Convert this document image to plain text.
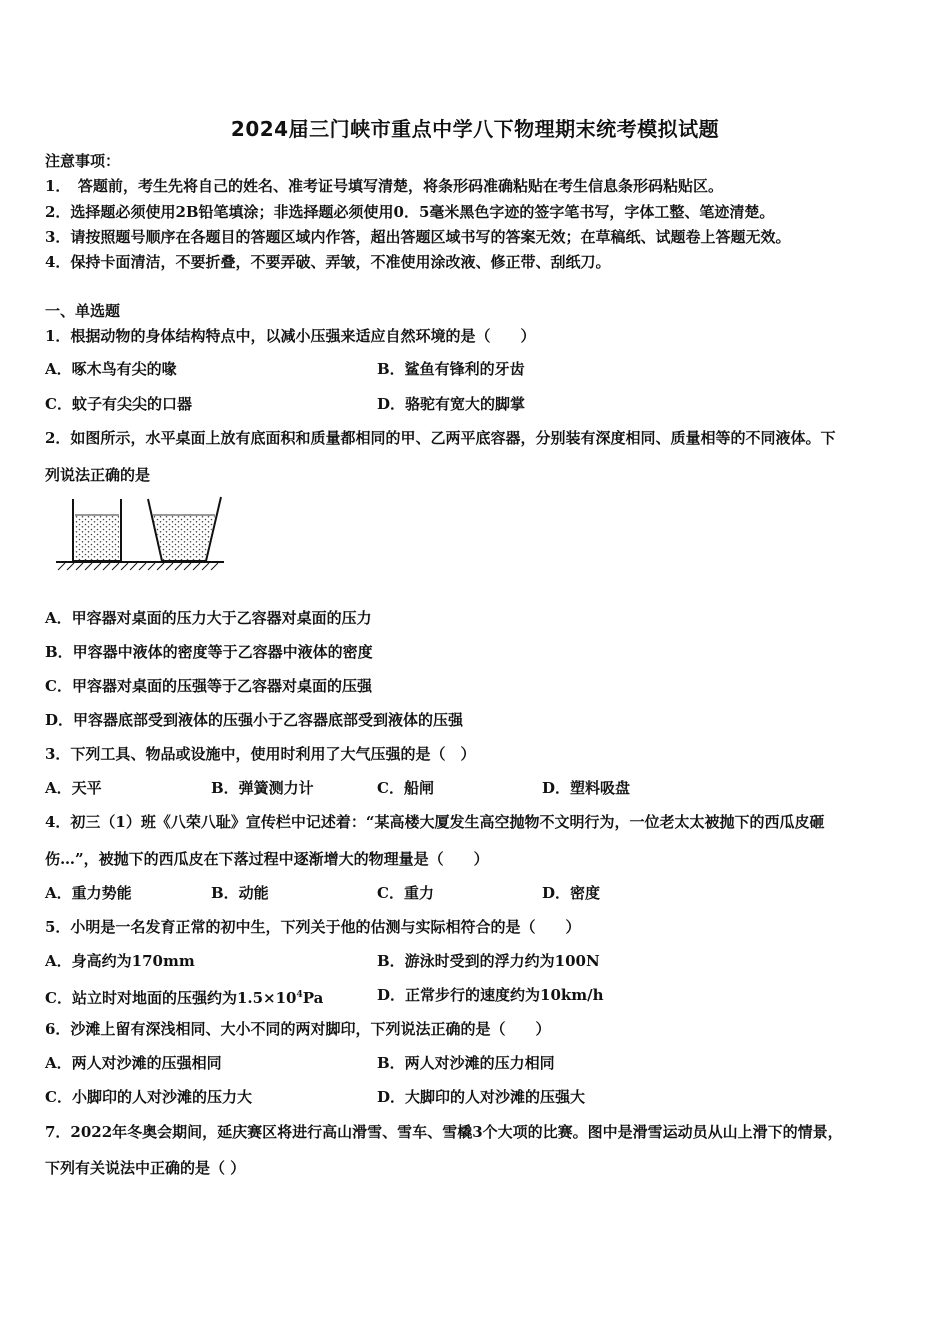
2024届三门峡市重点中学八下物理期末统考模拟试题
注意事项：
1．　答题前，考生先将自己的姓名、准考证号填写清楚，将条形码准确粘贴在考生信息条形码粘贴区。
2．选择题必须使用2B铅笔填涂；非选择题必须使用0．5毫米黑色字迹的签字笔书写，字体工整、笔迹清楚。
3．请按照题号顺序在各题目的答题区域内作答，超出答题区域书写的答案无效；在草稿纸、试题卷上答题无效。
4．保持卡面清洁，不要折叠，不要弄破、弄皱，不准使用涂改液、修正带、刮纸刀。
一、单选题
1．根据动物的身体结构特点中，以减小压强来适应自然环境的是（　　）
A．啄木鸟有尖的喙	B．鲨鱼有锋利的牙齿
C．蚊子有尖尖的口器	D．骆驼有宽大的脚掌
2．如图所示，水平桌面上放有底面积和质量都相同的甲、乙两平底容器，分别装有深度相同、质量相等的不同液体。下
列说法正确的是
A．甲容器对桌面的压力大于乙容器对桌面的压力
B．甲容器中液体的密度等于乙容器中液体的密度
C．甲容器对桌面的压强等于乙容器对桌面的压强
D．甲容器底部受到液体的压强小于乙容器底部受到液体的压强
3．下列工具、物品或设施中，使用时利用了大气压强的是（　）
A．天平	B．弹簧测力计	C．船闸	D．塑料吸盘
4．初三（1）班《八荣八耻》宣传栏中记述着：“某高楼大厦发生高空抛物不文明行为，一位老太太被抛下的西瓜皮砸
伤…”，被抛下的西瓜皮在下落过程中逐渐增大的物理量是（　　）
A．重力势能	B．动能	C．重力	D．密度
5．小明是一名发育正常的初中生，下列关于他的估测与实际相符合的是（　　）
A．身高约为170mm	B．游泳时受到的浮力约为100N
C．站立时对地面的压强约为$1.5\times 10^4Pa$	D．正常步行的速度约为10km/h
6．沙滩上留有深浅相同、大小不同的两对脚印，下列说法正确的是（　　）
A．两人对沙滩的压强相同	B．两人对沙滩的压力相同
C．小脚印的人对沙滩的压力大	D．大脚印的人对沙滩的压强大
7．2022年冬奥会期间，延庆赛区将进行高山滑雪、雪车、雪橇3个大项的比赛。图中是滑雪运动员从山上滑下的情景，
下列有关说法中正确的是（ ）
